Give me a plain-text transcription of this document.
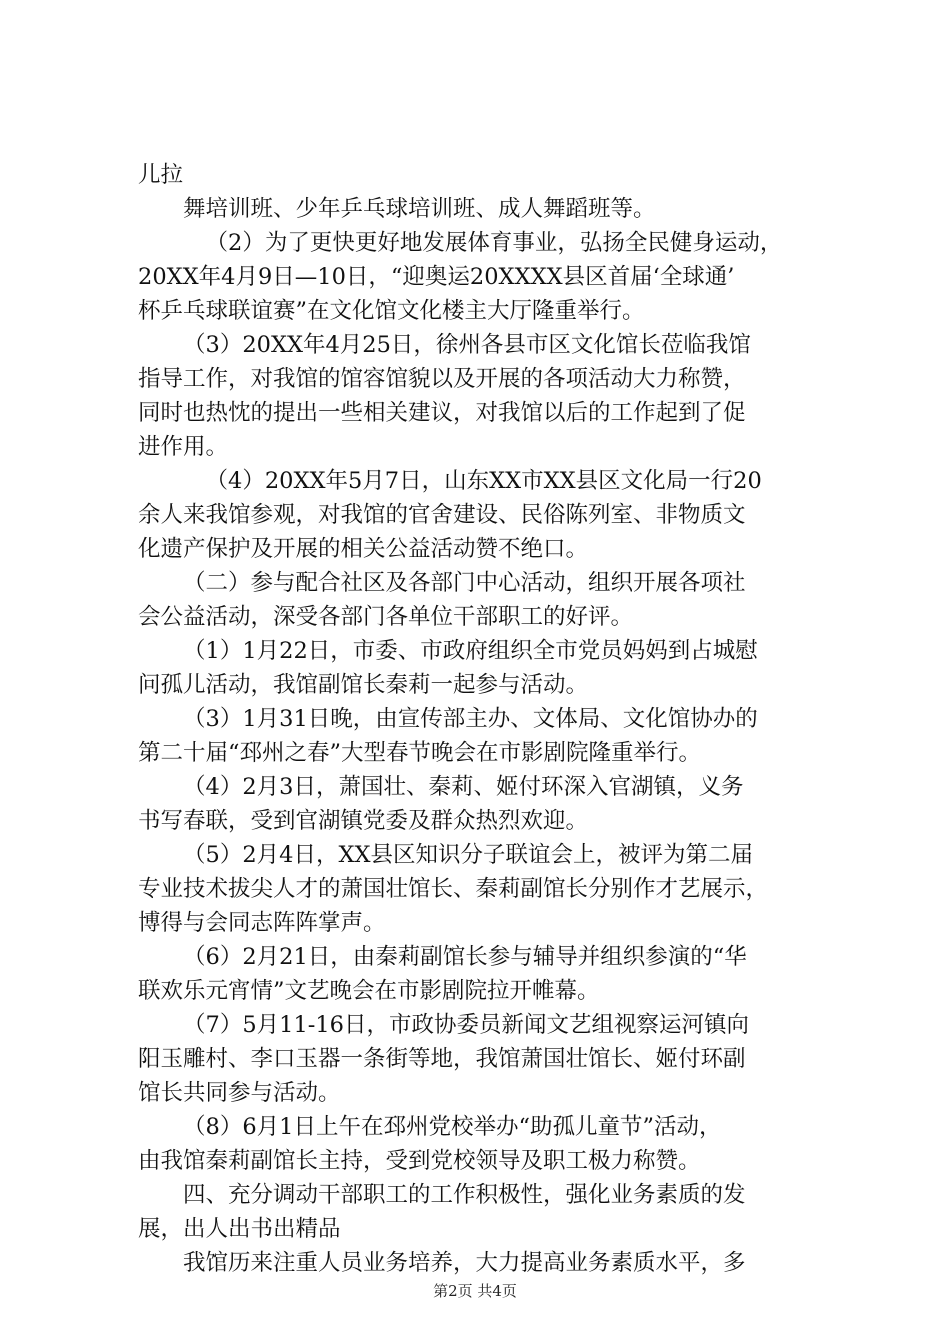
儿拉
舞培训班、少年乒乓球培训班、成人舞蹈班等。
（2）为了更快更好地发展体育事业，弘扬全民健身运动，
20XX年4月9日—10日，“迎奥运20XXXX县区首届‘全球通’
杯乒乓球联谊赛”在文化馆文化楼主大厅隆重举行。
（3）20XX年4月25日，徐州各县市区文化馆长莅临我馆
指导工作，对我馆的馆容馆貌以及开展的各项活动大力称赞，
同时也热忱的提出一些相关建议，对我馆以后的工作起到了促
进作用。
（4）20XX年5月7日，山东XX市XX县区文化局一行20
余人来我馆参观，对我馆的官舍建设、民俗陈列室、非物质文
化遗产保护及开展的相关公益活动赞不绝口。
（二）参与配合社区及各部门中心活动，组织开展各项社
会公益活动，深受各部门各单位干部职工的好评。
（1）1月22日，市委、市政府组织全市党员妈妈到占城慰
问孤儿活动，我馆副馆长秦莉一起参与活动。
（3）1月31日晚，由宣传部主办、文体局、文化馆协办的
第二十届“邳州之春”大型春节晚会在市影剧院隆重举行。
（4）2月3日，萧国壮、秦莉、姬付环深入官湖镇，义务
书写春联，受到官湖镇党委及群众热烈欢迎。
（5）2月4日，XX县区知识分子联谊会上，被评为第二届
专业技术拔尖人才的萧国壮馆长、秦莉副馆长分别作才艺展示，
博得与会同志阵阵掌声。
（6）2月21日，由秦莉副馆长参与辅导并组织参演的“华
联欢乐元宵情”文艺晚会在市影剧院拉开帷幕。
（7）5月11-16日，市政协委员新闻文艺组视察运河镇向
阳玉雕村、李口玉器一条街等地，我馆萧国壮馆长、姬付环副
馆长共同参与活动。
（8）6月1日上午在邳州党校举办“助孤儿童节”活动，
由我馆秦莉副馆长主持，受到党校领导及职工极力称赞。
四、充分调动干部职工的工作积极性，强化业务素质的发
展，出人出书出精品
我馆历来注重人员业务培养，大力提高业务素质水平，多
第2页 共4页
